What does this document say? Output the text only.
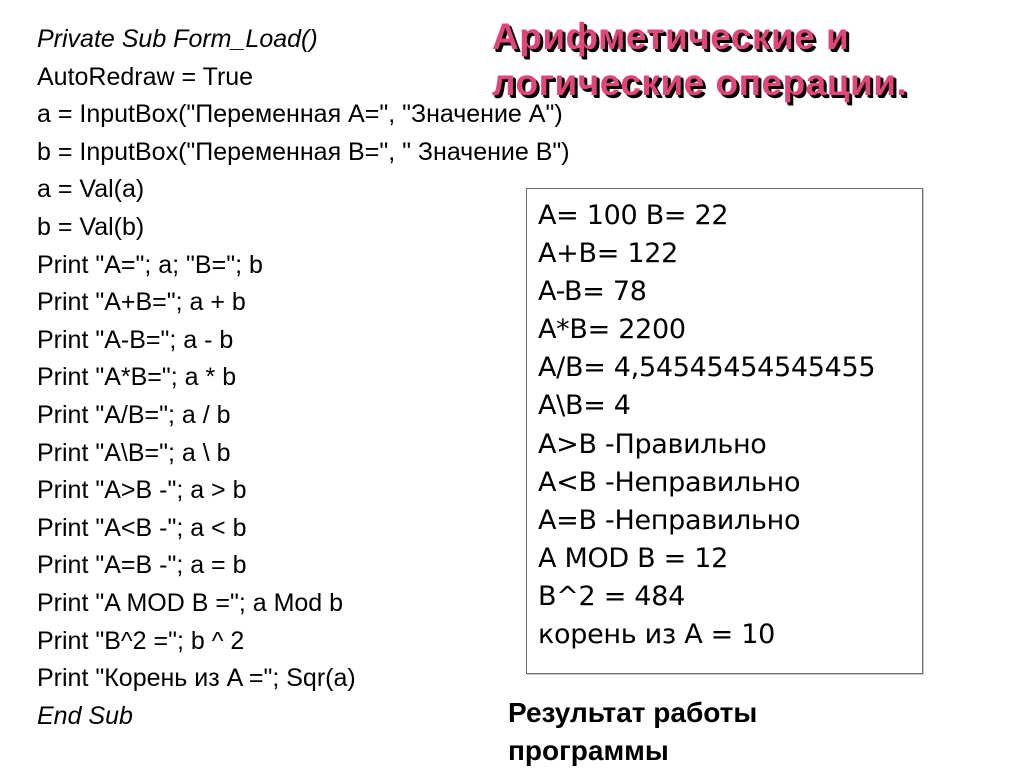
Private Sub Form_Load()
AutoRedraw = True
a = InputBox("Переменная A=", "Значение A")
b = InputBox("Переменная B=", " Значение B")
a = Val(a)
b = Val(b)
Print "A="; a; "B="; b
Print "A+B="; a + b
Print "A-B="; a - b
Print "A*B="; a * b
Print "A/B="; a / b
Print "A\B="; a \ b
Print "A>B -"; a > b
Print "A<B -"; a < b
Print "A=B -"; a = b
Print "A MOD B ="; a Mod b
Print "B^2 ="; b ^ 2
Print "Корень из A ="; Sqr(a)
End Sub
Арифметические и
логические операции.
A= 100 B= 22
A+B= 122
A-B= 78
A*B= 2200
A/B= 4,54545454545455
A\B= 4
A>B -Правильно
A<B -Неправильно
A=B -Неправильно
A MOD B = 12
B^2 = 484
корень из A = 10

Результат работы
программы
